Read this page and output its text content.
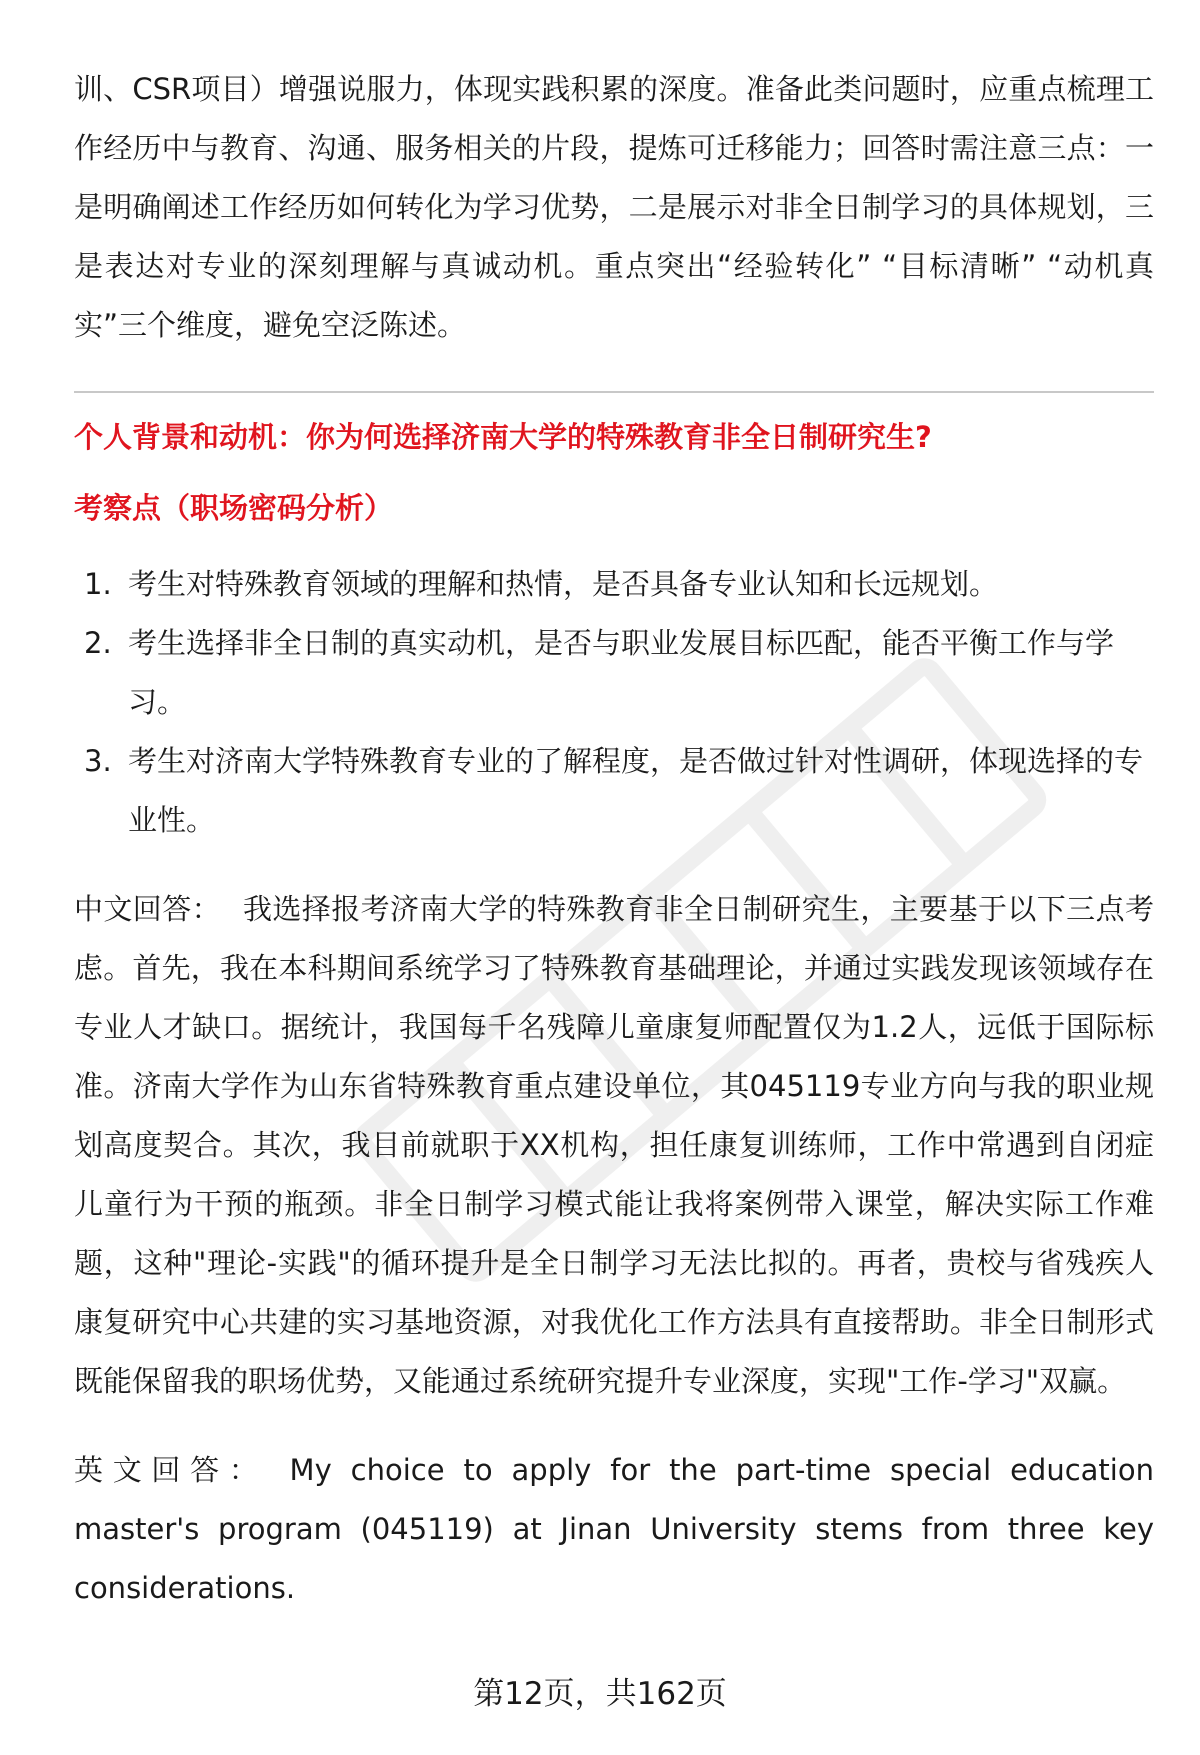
训、CSR项目）增强说服力，体现实践积累的深度。准备此类问题时，应重点梳理工作经历中与教育、沟通、服务相关的片段，提炼可迁移能力；回答时需注意三点：一是明确阐述工作经历如何转化为学习优势，二是展示对非全日制学习的具体规划，三是表达对专业的深刻理解与真诚动机。重点突出“经验转化” “目标清晰” “动机真实”三个维度，避免空泛陈述。

个人背景和动机：你为何选择济南大学的特殊教育非全日制研究生?

考察点（职场密码分析）

1. 考生对特殊教育领域的理解和热情，是否具备专业认知和长远规划。
2. 考生选择非全日制的真实动机，是否与职业发展目标匹配，能否平衡工作与学习。
3. 考生对济南大学特殊教育专业的了解程度，是否做过针对性调研，体现选择的专业性。

中文回答： 我选择报考济南大学的特殊教育非全日制研究生，主要基于以下三点考虑。首先，我在本科期间系统学习了特殊教育基础理论，并通过实践发现该领域存在专业人才缺口。据统计，我国每千名残障儿童康复师配置仅为1.2人，远低于国际标准。济南大学作为山东省特殊教育重点建设单位，其045119专业方向与我的职业规划高度契合。其次，我目前就职于XX机构，担任康复训练师，工作中常遇到自闭症儿童行为干预的瓶颈。非全日制学习模式能让我将案例带入课堂，解决实际工作难题，这种"理论-实践"的循环提升是全日制学习无法比拟的。再者，贵校与省残疾人康复研究中心共建的实习基地资源，对我优化工作方法具有直接帮助。非全日制形式既能保留我的职场优势，又能通过系统研究提升专业深度，实现"工作-学习"双赢。

英文回答： My choice to apply for the part-time special education master's program (045119) at Jinan University stems from three key considerations.

第12页，共162页
